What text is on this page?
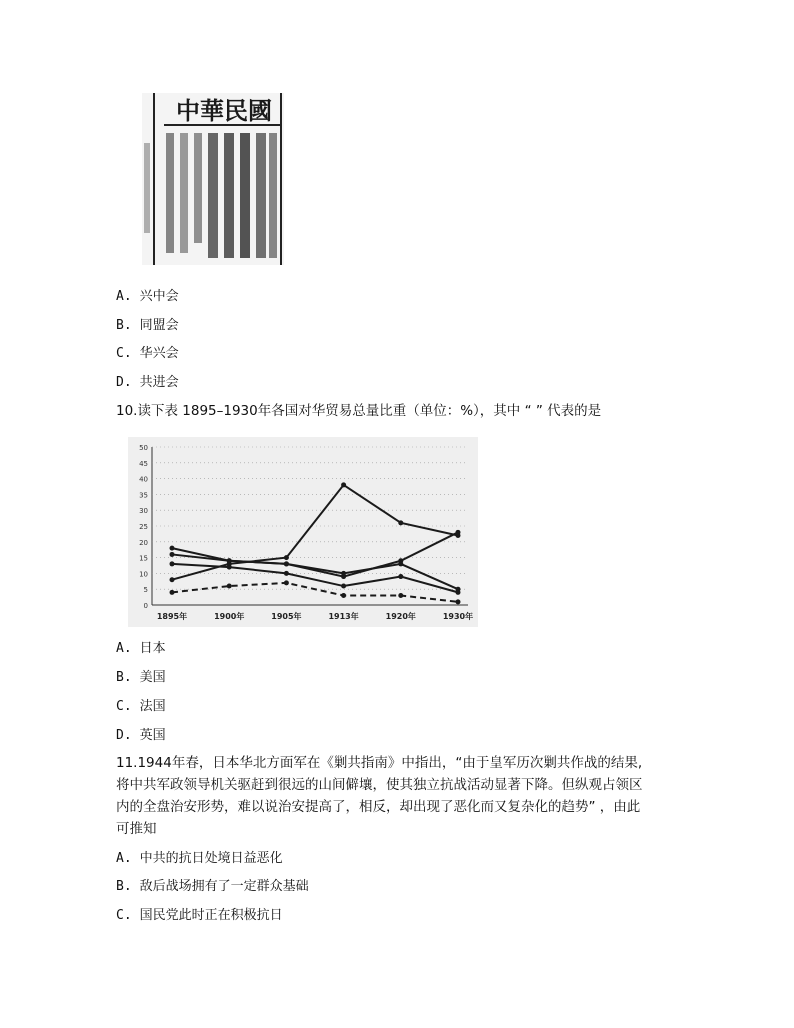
中華民國
A. 兴中会
B. 同盟会
C. 华兴会
D. 共进会
10.读下表 1895–1930年各国对华贸易总量比重（单位：%），其中 “ ” 代表的是
0
5
10
15
20
25
30
35
40
45
50
1895年	1900年	1905年	1913年	1920年	1930年
A. 日本
B. 美国
C. 法国
D. 英国
11.1944年春，日本华北方面军在《剿共指南》中指出，“由于皇军历次剿共作战的结果,
将中共军政领导机关驱赶到很远的山间僻壤，使其独立抗战活动显著下降。但纵观占领区
内的全盘治安形势，难以说治安提高了，相反，却出现了恶化而又复杂化的趋势” ，由此
可推知
A. 中共的抗日处境日益恶化
B. 敌后战场拥有了一定群众基础
C. 国民党此时正在积极抗日
